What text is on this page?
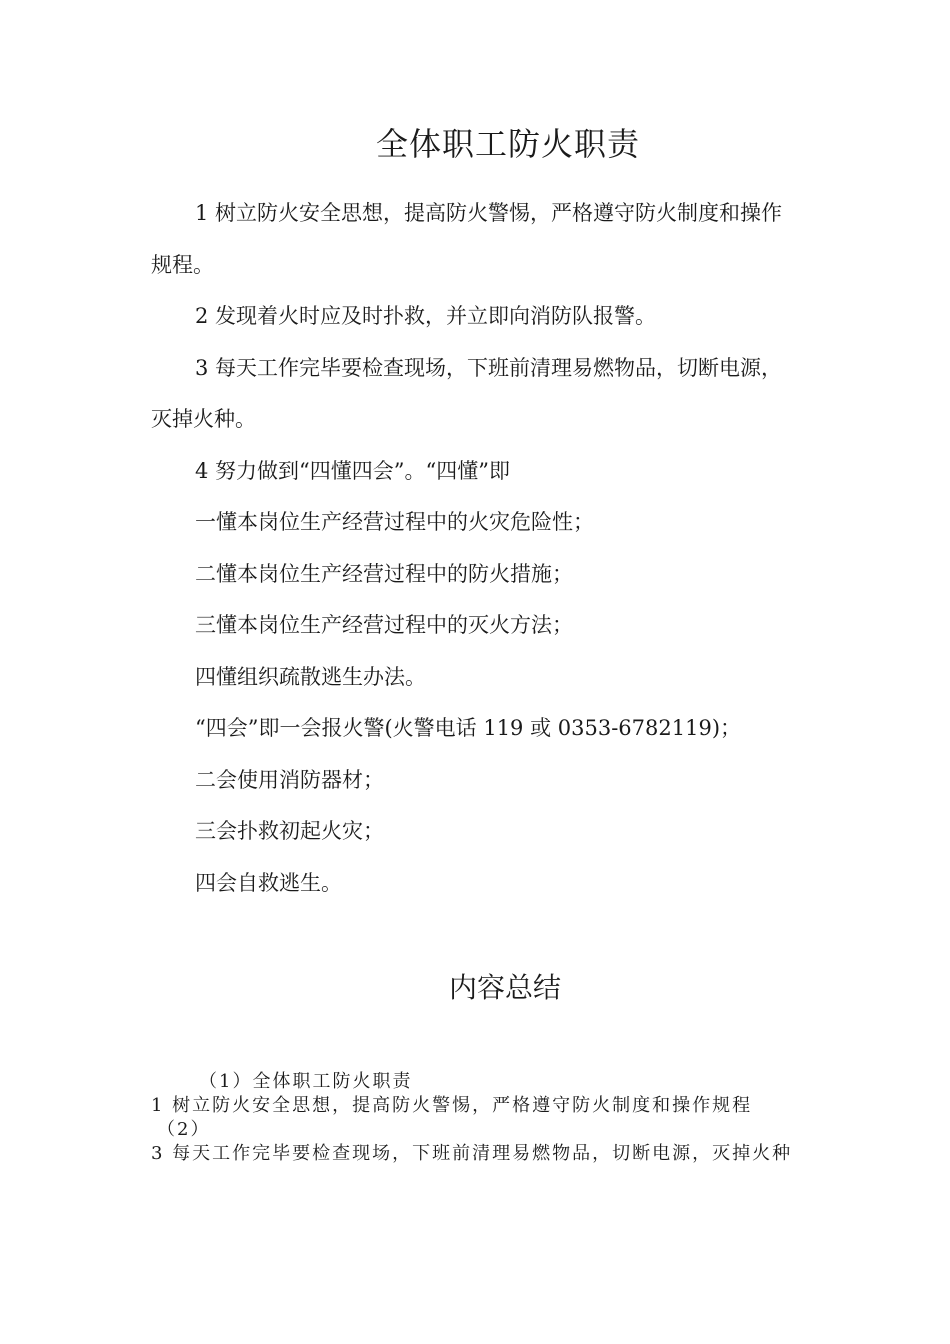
全体职工防火职责

1 树立防火安全思想，提高防火警惕，严格遵守防火制度和操作规程。

2 发现着火时应及时扑救，并立即向消防队报警。

3 每天工作完毕要检查现场，下班前清理易燃物品，切断电源，灭掉火种。

4 努力做到“四懂四会”。“四懂”即

一懂本岗位生产经营过程中的火灾危险性；

二懂本岗位生产经营过程中的防火措施；

三懂本岗位生产经营过程中的灭火方法；

四懂组织疏散逃生办法。

“四会”即一会报火警(火警电话 119 或 0353-6782119)；

二会使用消防器材；

三会扑救初起火灾；

四会自救逃生。

内容总结
（1）全体职工防火职责
1 树立防火安全思想，提高防火警惕，严格遵守防火制度和操作规程
（2）
3 每天工作完毕要检查现场，下班前清理易燃物品，切断电源，灭掉火种
